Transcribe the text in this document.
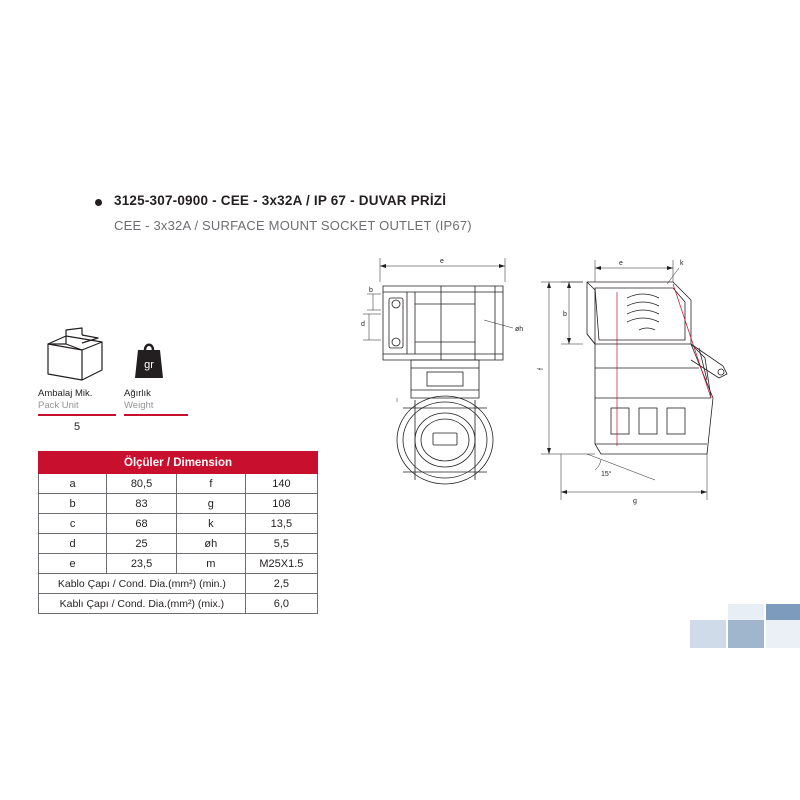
3125-307-0900 - CEE - 3x32A / IP 67 - DUVAR PRİZİ
CEE - 3x32A / SURFACE MOUNT SOCKET OUTLET (IP67)
gr
Ambalaj Mik.
Pack Unit
5
Ağırlık
Weight
Ölçüler / Dimension			
a	80,5	f	140
b	83	g	108
c	68	k	13,5
d	25	øh	5,5
e	23,5	m	M25X1.5
Kablo Çapı / Cond. Dia.(mm²) (min.)			2,5
Kablı Çapı / Cond. Dia.(mm²) (mix.)			6,0
e
øh
b
d
e	k
b
f
g
15°
